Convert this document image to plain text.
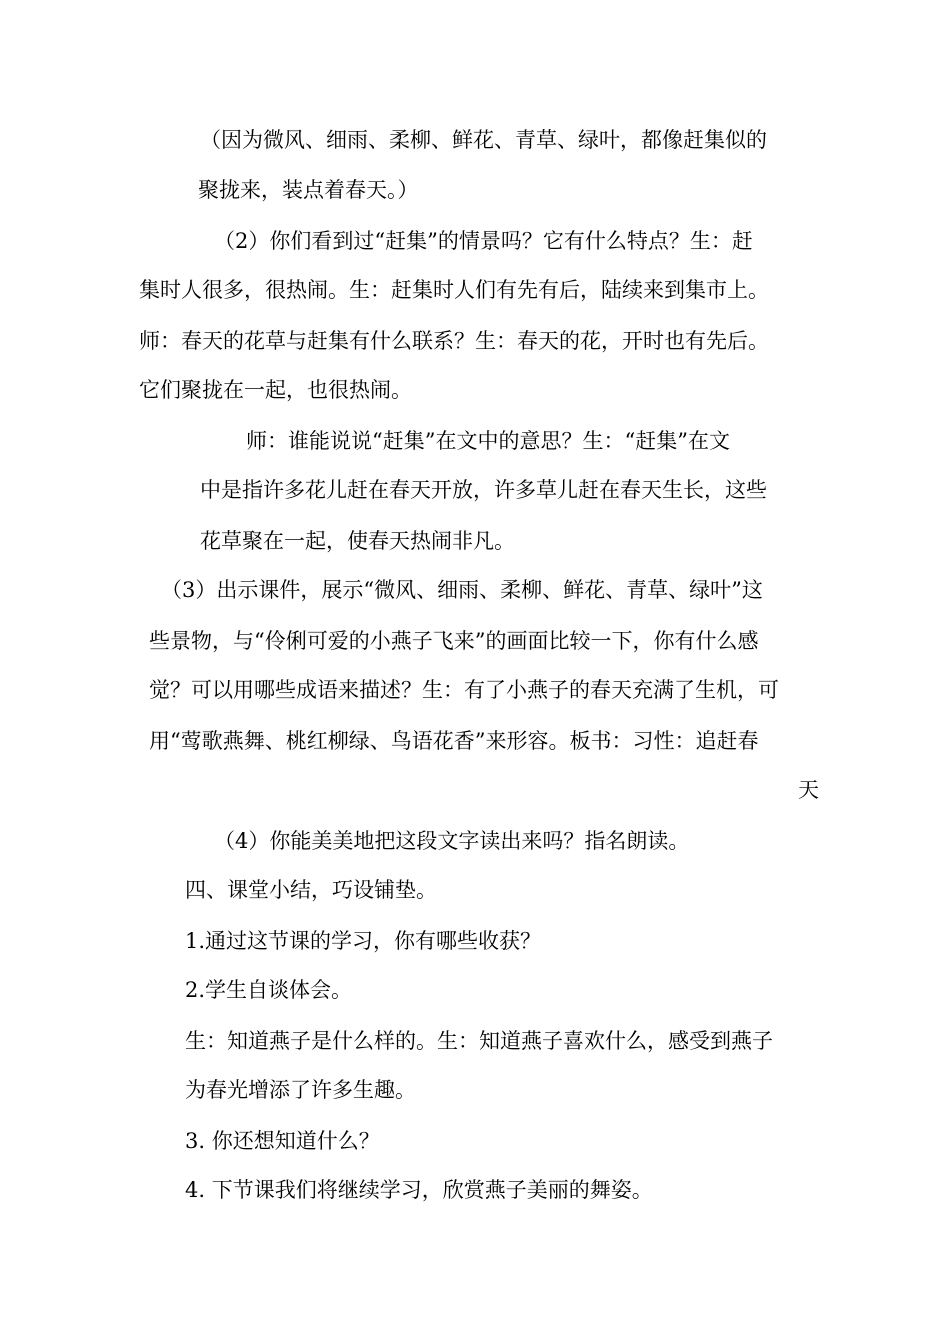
（因为微风、细雨、柔柳、鲜花、青草、绿叶，都像赶集似的

聚拢来，装点着春天。）

（2）你们看到过“赶集”的情景吗？它有什么特点？生：赶

集时人很多，很热闹。生：赶集时人们有先有后，陆续来到集市上。

师：春天的花草与赶集有什么联系？生：春天的花，开时也有先后。

它们聚拢在一起，也很热闹。

师：谁能说说“赶集”在文中的意思？生：“赶集”在文

中是指许多花儿赶在春天开放，许多草儿赶在春天生长，这些

花草聚在一起，使春天热闹非凡。

（3）出示课件，展示“微风、细雨、柔柳、鲜花、青草、绿叶”这

些景物，与“伶俐可爱的小燕子飞来”的画面比较一下，你有什么感

觉？可以用哪些成语来描述？生：有了小燕子的春天充满了生机，可

用“莺歌燕舞、桃红柳绿、鸟语花香”来形容。板书：习性：追赶春

天

（4）你能美美地把这段文字读出来吗？指名朗读。

四、课堂小结，巧设铺垫。

1.通过这节课的学习，你有哪些收获？

2.学生自谈体会。

生：知道燕子是什么样的。生：知道燕子喜欢什么，感受到燕子

为春光增添了许多生趣。

3. 你还想知道什么？

4. 下节课我们将继续学习，欣赏燕子美丽的舞姿。
